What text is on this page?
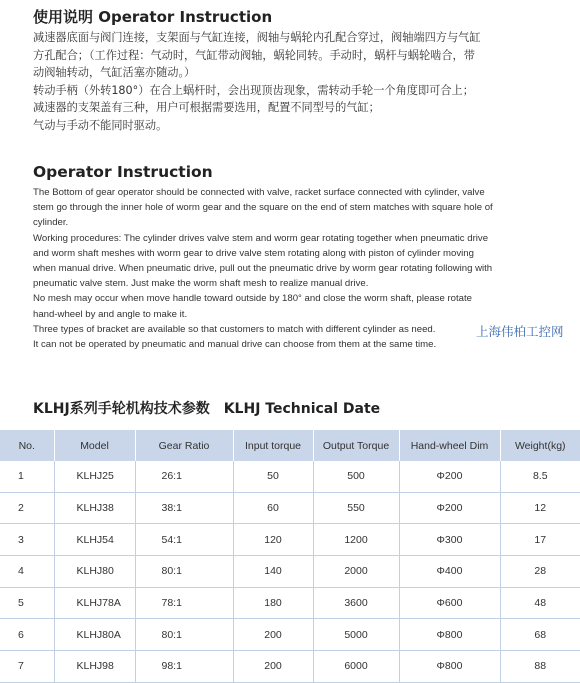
使用说明 Operator Instruction
减速器底面与阀门连接，支架面与气缸连接，阀轴与蜗轮内孔配合穿过，阀轴端四方与气缸
方孔配合；（工作过程：气动时，气缸带动阀轴，蜗轮同转。手动时，蜗杆与蜗轮啮合，带
动阀轴转动，气缸活塞亦随动。）
转动手柄（外转180°）在合上蜗杆时，会出现顶齿现象，需转动手轮一个角度即可合上；
减速器的支架盖有三种，用户可根据需要选用，配置不同型号的气缸；
气动与手动不能同时驱动。
Operator Instruction
The Bottom of gear operator should be connected with valve, racket surface connected with cylinder, valve
stem go through the inner hole of worm gear and the square on the end of stem matches with square hole of
cylinder.
Working procedures: The cylinder drives valve stem and worm gear rotating together when pneumatic drive
and worm shaft meshes with worm gear to drive valve stem rotating along with piston of cylinder moving
when manual drive. When pneumatic drive, pull out the pneumatic drive by worm gear rotating following with
pneumatic valve stem. Just make the worm shaft mesh to realize manual drive.
No mesh may occur when move handle toward outside by 180° and close the worm shaft, please rotate
hand-wheel by and angle to make it.
Three types of bracket are available so that customers to match with different cylinder as need.
It can not be operated by pneumatic and manual drive can choose from them at the same time.
上海伟柏工控网
KLHJ系列手轮机构技术参数 KLHJ Technical Date
No.	Model	Gear Ratio	Input torque	Output Torque	Hand-wheel Dim	Weight(kg)
1	KLHJ25	26:1	50	500	Φ200	8.5
2	KLHJ38	38:1	60	550	Φ200	12
3	KLHJ54	54:1	120	1200	Φ300	17
4	KLHJ80	80:1	140	2000	Φ400	28
5	KLHJ78A	78:1	180	3600	Φ600	48
6	KLHJ80A	80:1	200	5000	Φ800	68
7	KLHJ98	98:1	200	6000	Φ800	88
